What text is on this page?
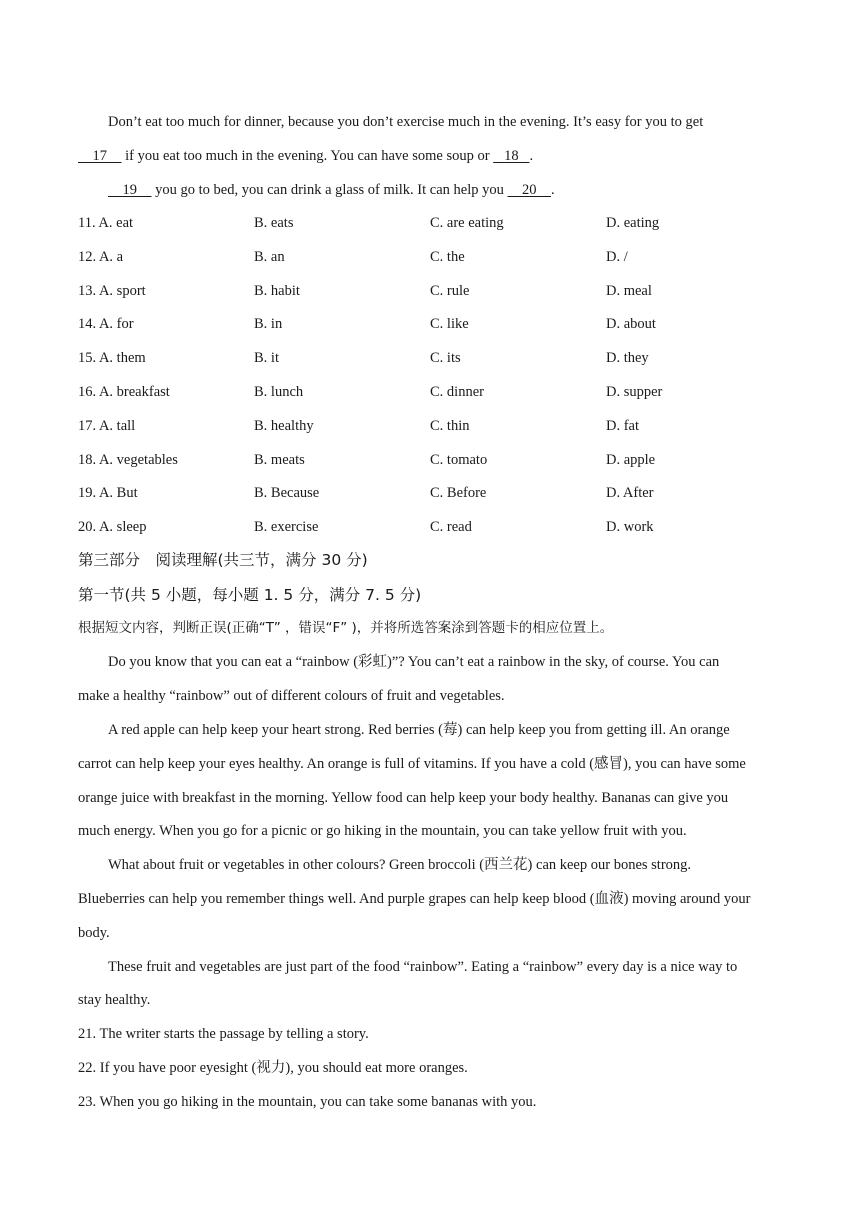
Don’t eat too much for dinner, because you don’t exercise much in the evening. It’s easy for you to get
17     if you eat too much in the evening. You can have some soup or    18 .
19     you go to bed, you can drink a glass of milk. It can help you     20 .
11. A. eat	B. eats	C. are eating	D. eating
12. A. a	B. an	C. the	D. /
13. A. sport	B. habit	C. rule	D. meal
14. A. for	B. in	C. like	D. about
15. A. them	B. it	C. its	D. they
16. A. breakfast	B. lunch	C. dinner	D. supper
17. A. tall	B. healthy	C. thin	D. fat
18. A. vegetables	B. meats	C. tomato	D. apple
19. A. But	B. Because	C. Before	D. After
20. A. sleep	B. exercise	C. read	D. work
第三部分　阅读理解(共三节，满分 30 分)
第一节(共 5 小题，每小题 1. 5 分，满分 7. 5 分)
根据短文内容，判断正误(正确“T” ，错误“F” )，并将所选答案涂到答题卡的相应位置上。
Do you know that you can eat a “rainbow (彩虹)”? You can’t eat a rainbow in the sky, of course. You can
make a healthy “rainbow” out of different colours of fruit and vegetables.
A red apple can help keep your heart strong. Red berries (莓) can help keep you from getting ill. An orange
carrot can help keep your eyes healthy. An orange is full of vitamins. If you have a cold (感冒), you can have some
orange juice with breakfast in the morning. Yellow food can help keep your body healthy. Bananas can give you
much energy. When you go for a picnic or go hiking in the mountain, you can take yellow fruit with you.
What about fruit or vegetables in other colours? Green broccoli (西兰花) can keep our bones strong.
Blueberries can help you remember things well. And purple grapes can help keep blood (血液) moving around your
body.
These fruit and vegetables are just part of the food “rainbow”. Eating a “rainbow” every day is a nice way to
stay healthy.
21. The writer starts the passage by telling a story.
22. If you have poor eyesight (视力), you should eat more oranges.
23. When you go hiking in the mountain, you can take some bananas with you.
